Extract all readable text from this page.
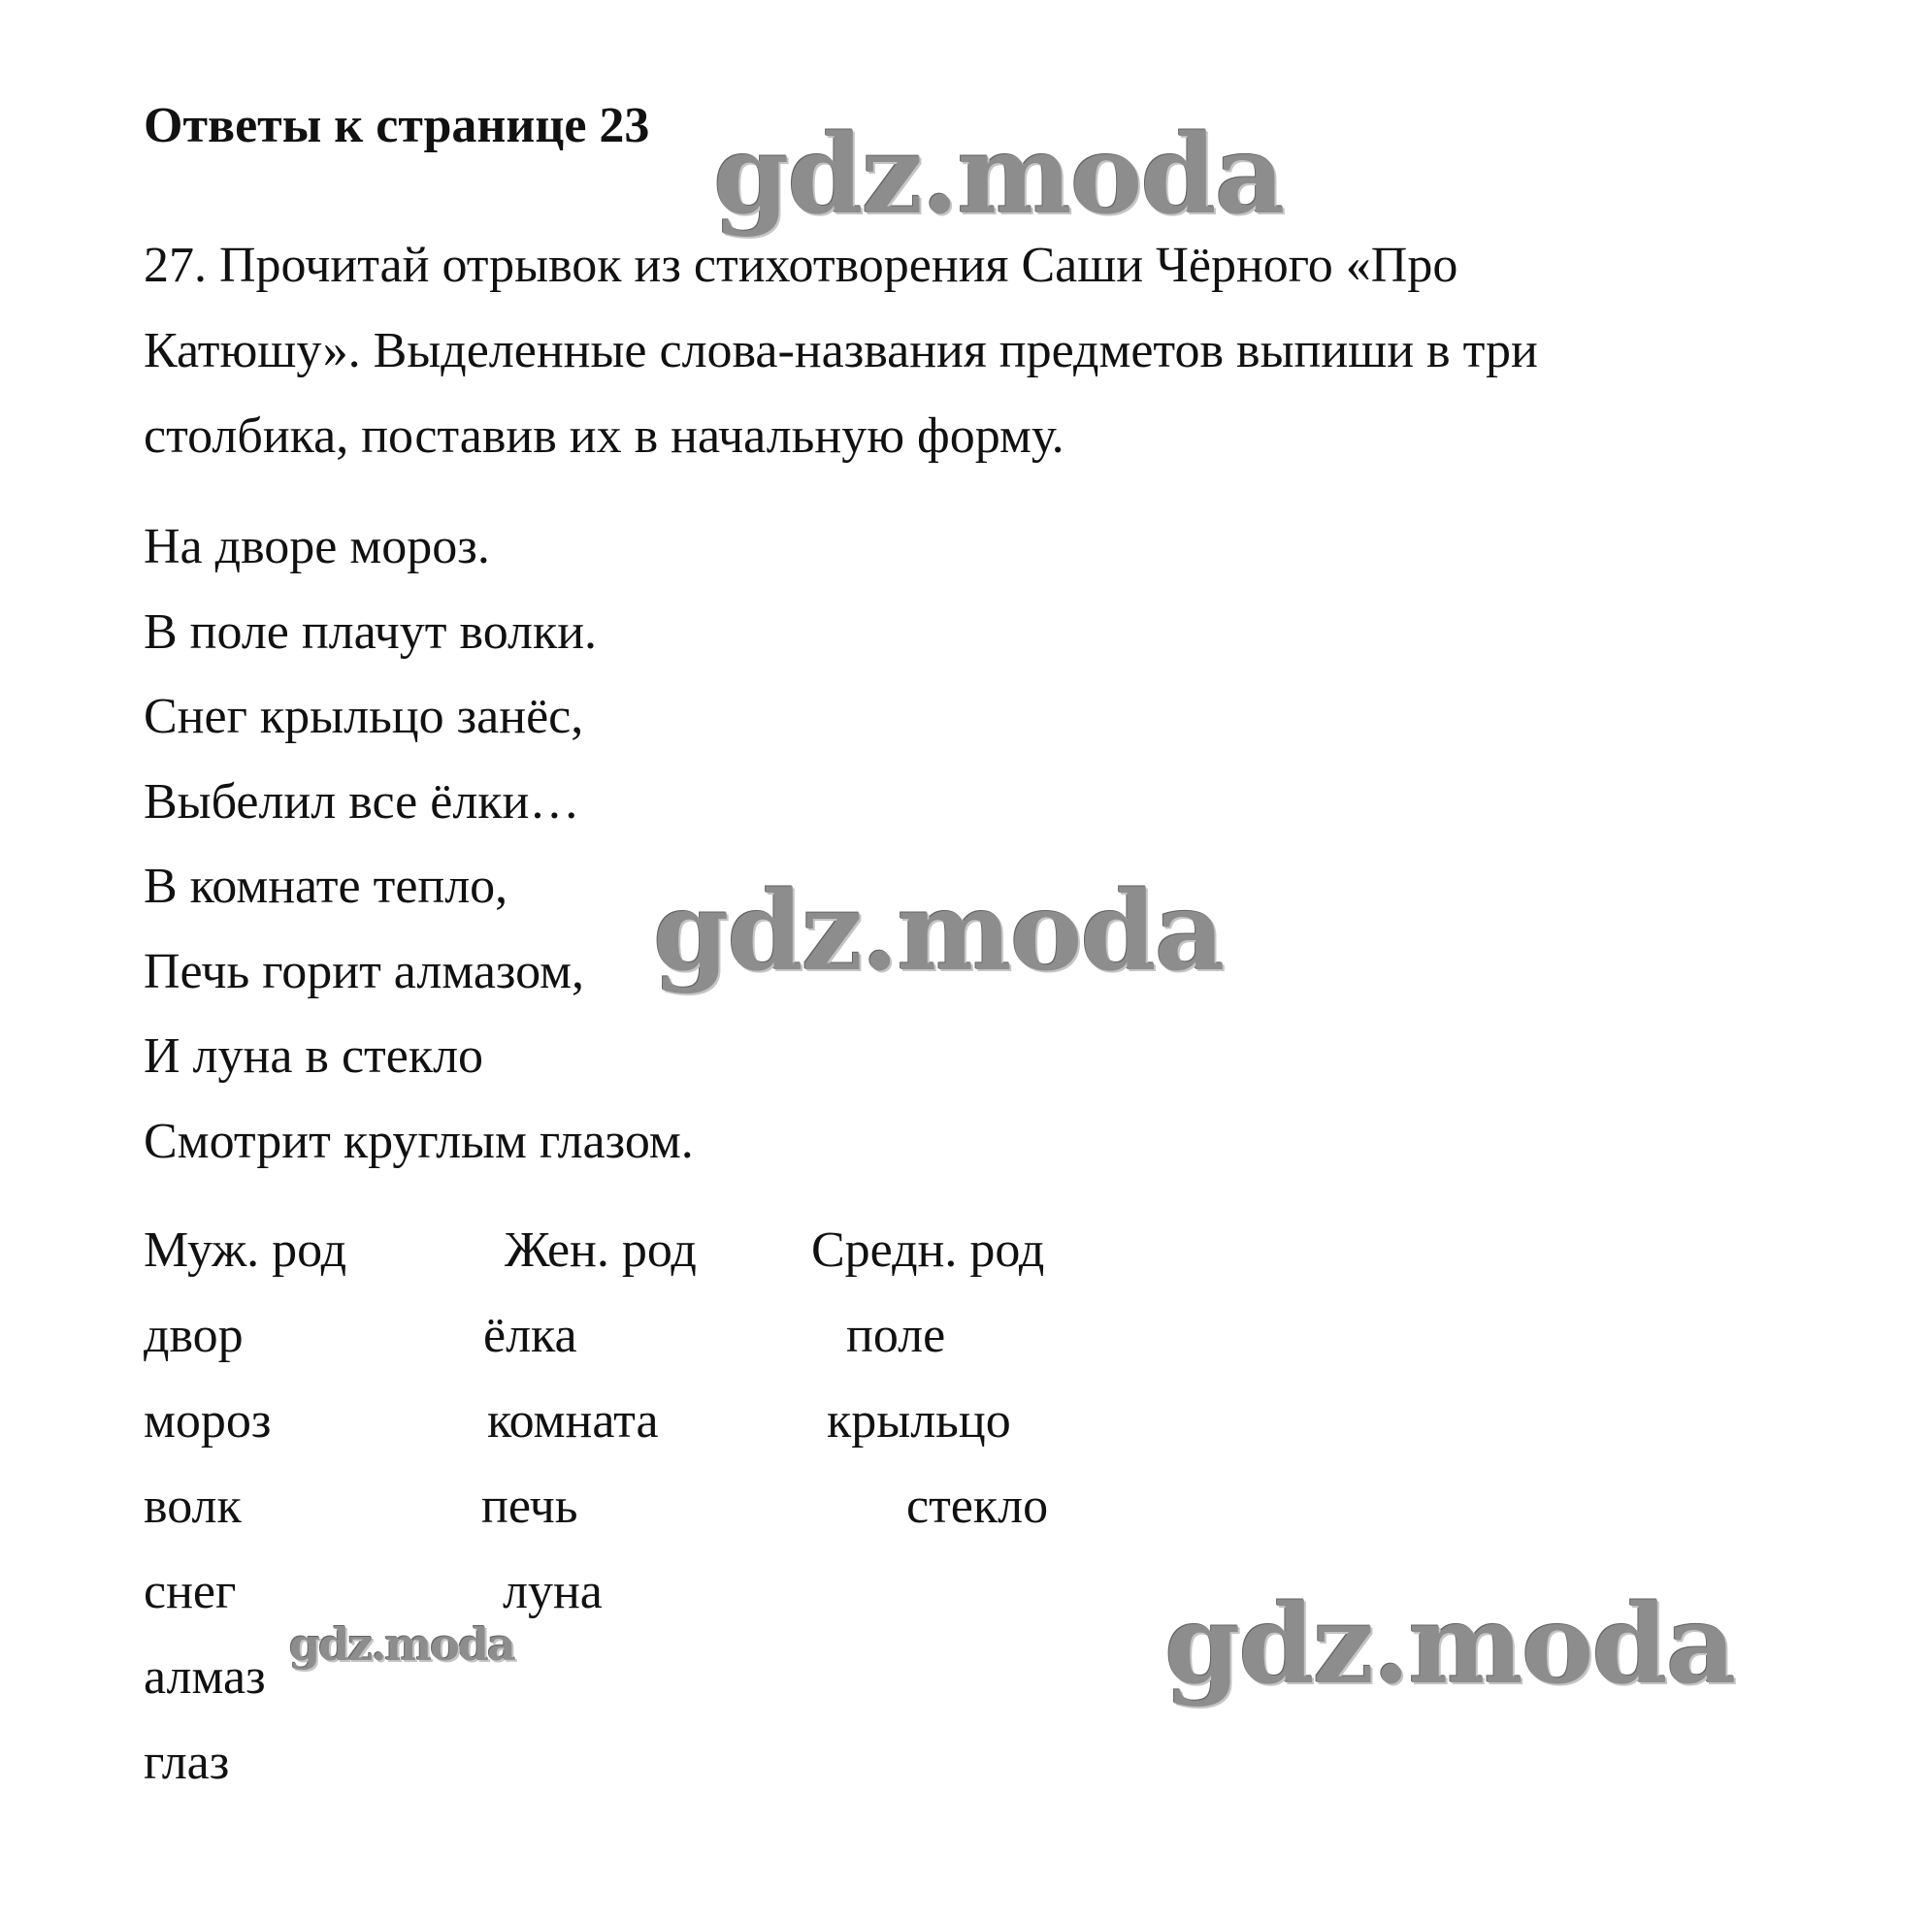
Ответы к странице 23

27. Прочитай отрывок из стихотворения Саши Чёрного «Про

Катюшу». Выделенные слова-названия предметов выпиши в три

столбика, поставив их в начальную форму.

На дворе мороз.
В поле плачут волки.
Снег крыльцо занёс,
Выбелил все ёлки…
В комнате тепло,
Печь горит алмазом,
И луна в стекло
Смотрит круглым глазом.
Муж. род
двор
мороз
волк
снег
алмаз
глаз
Жен. род
ёлка
комната
печь
луна
Средн. род
поле
крыльцо
стекло
gdz.moda
gdz.moda
gdz.moda	gdz.moda
